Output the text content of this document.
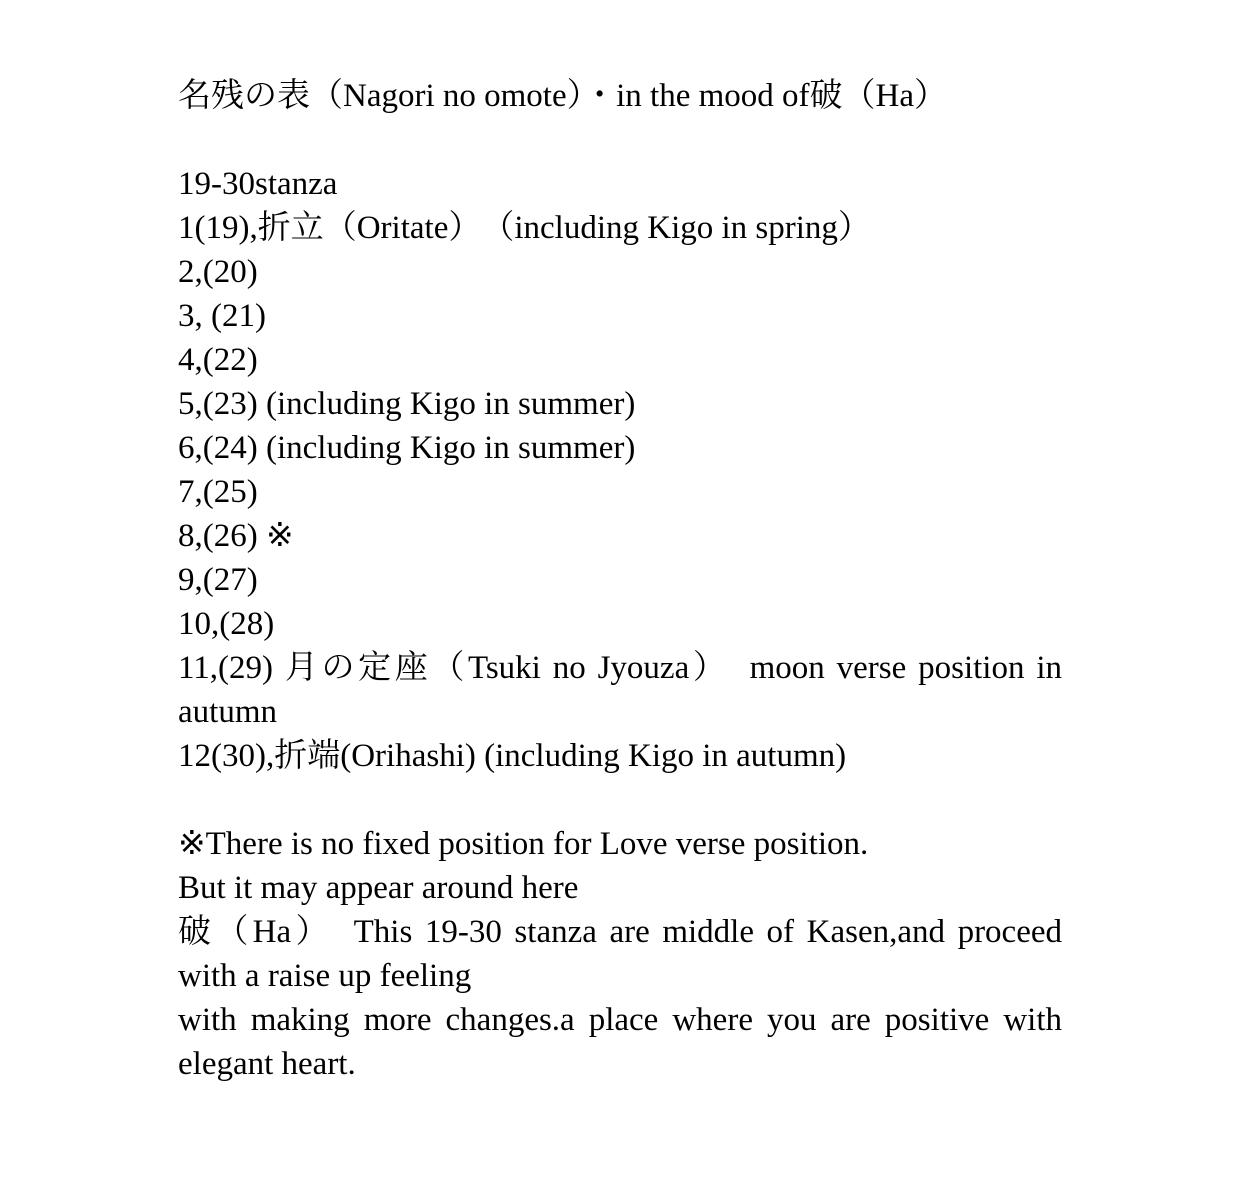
名残の表（Nagori no omote）・in the mood of破（Ha）
19-30stanza
1(19),折立（Oritate）　（including Kigo in spring）
2,(20)
3, (21)
4,(22)
5,(23) (including Kigo in summer)
6,(24) (including Kigo in summer)
7,(25)
8,(26) ※
9,(27)
10,(28)
11,(29) 月の定座（Tsuki no Jyouza）　moon verse position in autumn
12(30),折端(Orihashi) (including Kigo in autumn)
※There is no fixed position for Love verse position.
But it may appear around here
破（Ha）　This 19-30 stanza are middle of Kasen,and proceed with a raise up feeling
with making more changes.a place where you are positive with elegant heart.
